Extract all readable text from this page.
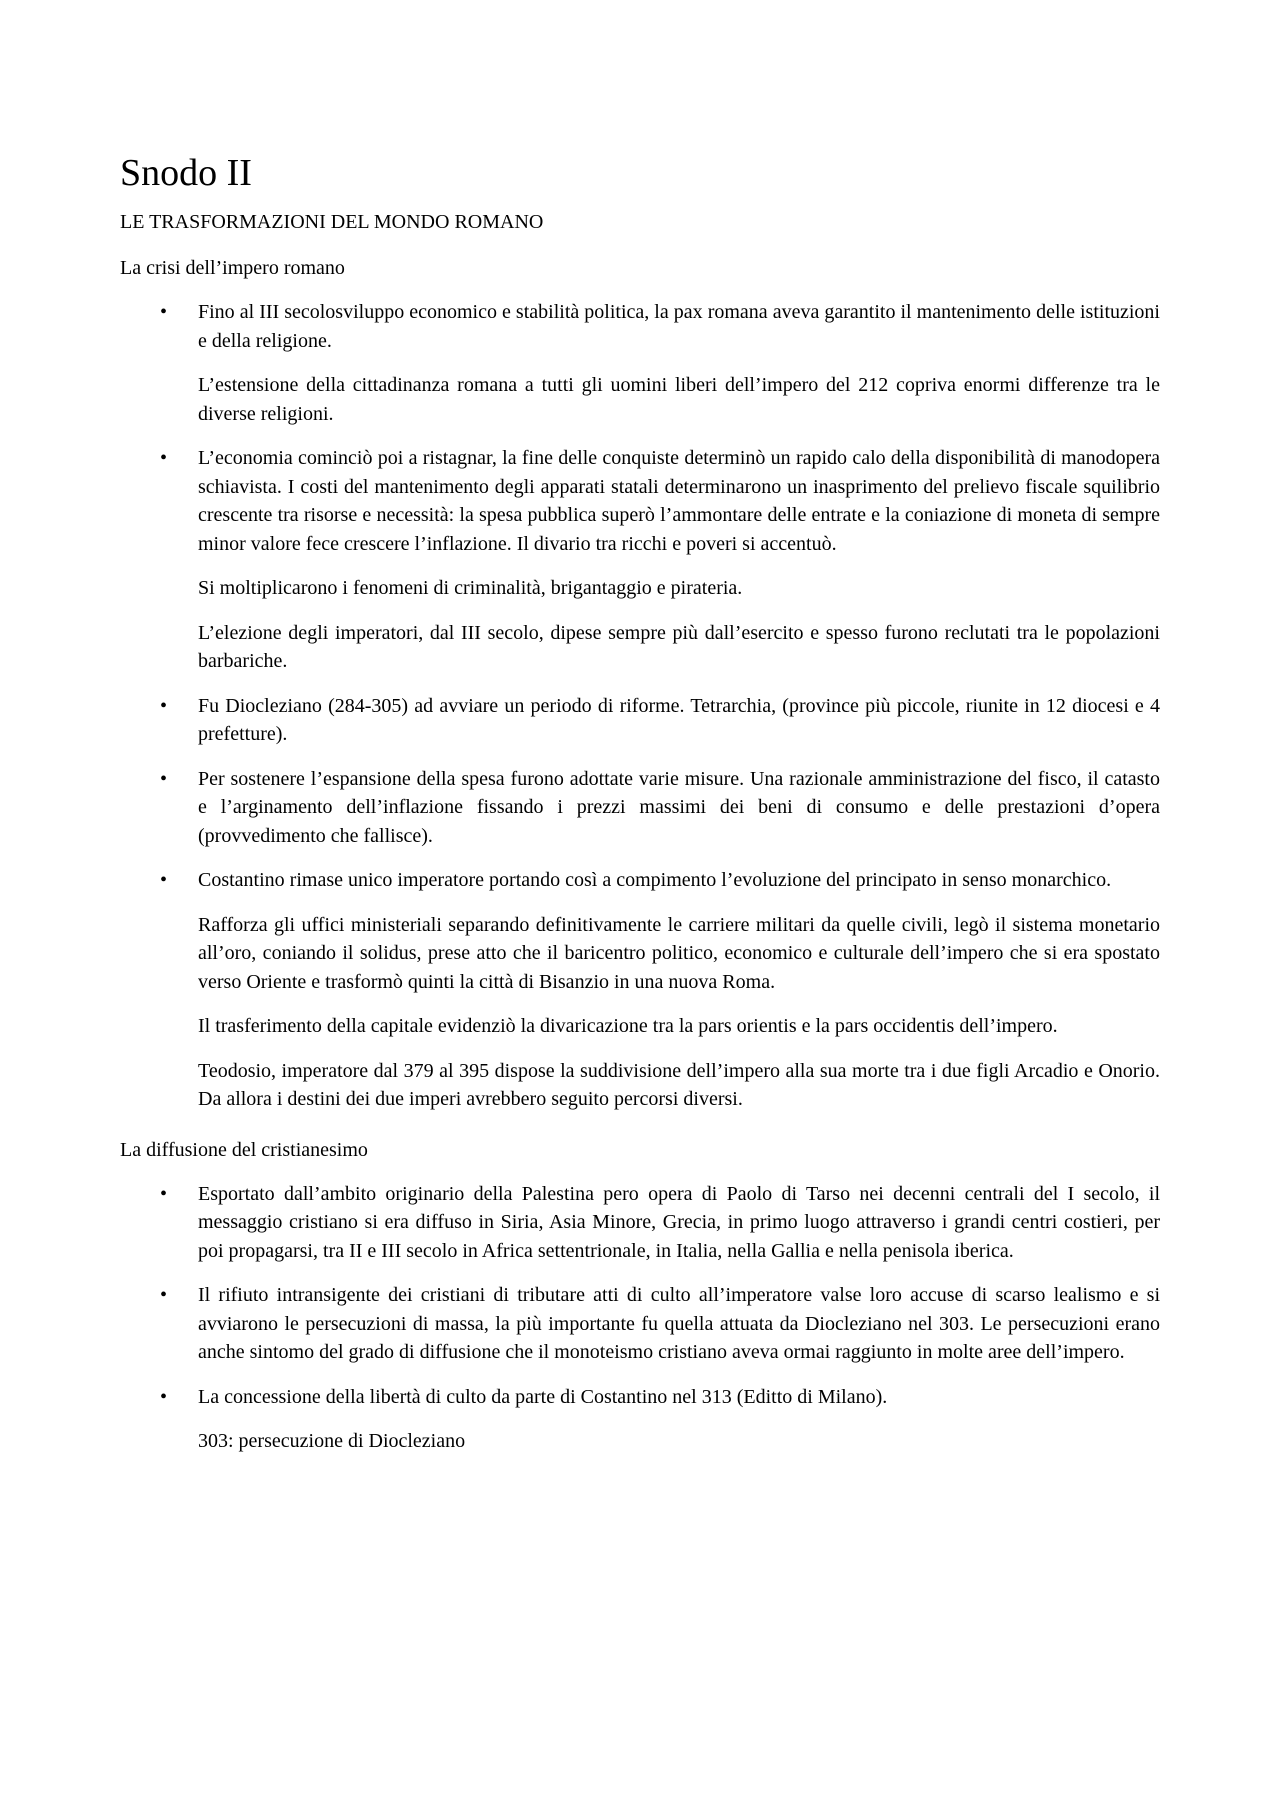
Snodo II
LE TRASFORMAZIONI DEL MONDO ROMANO
La crisi dell’impero romano
• Fino al III secolosviluppo economico e stabilità politica, la pax romana aveva garantito il mantenimento delle istituzioni e della religione.

L’estensione della cittadinanza romana a tutti gli uomini liberi dell’impero del 212 copriva enormi differenze tra le diverse religioni.

• L’economia cominciò poi a ristagnar, la fine delle conquiste determinò un rapido calo della disponibilità di manodopera schiavista. I costi del mantenimento degli apparati statali determinarono un inasprimento del prelievo fiscale squilibrio crescente tra risorse e necessità: la spesa pubblica superò l’ammontare delle entrate e la coniazione di moneta di sempre minor valore fece crescere l’inflazione. Il divario tra ricchi e poveri si accentuò.

Si moltiplicarono i fenomeni di criminalità, brigantaggio e pirateria.

L’elezione degli imperatori, dal III secolo, dipese sempre più dall’esercito e spesso furono reclutati tra le popolazioni barbariche.

• Fu Diocleziano (284-305) ad avviare un periodo di riforme. Tetrarchia, (province più piccole, riunite in 12 diocesi e 4 prefetture).

• Per sostenere l’espansione della spesa furono adottate varie misure. Una razionale amministrazione del fisco, il catasto e l’arginamento dell’inflazione fissando i prezzi massimi dei beni di consumo e delle prestazioni d’opera (provvedimento che fallisce).

• Costantino rimase unico imperatore portando così a compimento l’evoluzione del principato in senso monarchico.

Rafforza gli uffici ministeriali separando definitivamente le carriere militari da quelle civili, legò il sistema monetario all’oro, coniando il solidus, prese atto che il baricentro politico, economico e culturale dell’impero che si era spostato verso Oriente e trasformò quinti la città di Bisanzio in una nuova Roma.

Il trasferimento della capitale evidenziò la divaricazione tra la pars orientis e la pars occidentis dell’impero.

Teodosio, imperatore dal 379 al 395 dispose la suddivisione dell’impero alla sua morte tra i due figli Arcadio e Onorio. Da allora i destini dei due imperi avrebbero seguito percorsi diversi.

La diffusione del cristianesimo
• Esportato dall’ambito originario della Palestina pero opera di Paolo di Tarso nei decenni centrali del I secolo, il messaggio cristiano si era diffuso in Siria, Asia Minore, Grecia, in primo luogo attraverso i grandi centri costieri, per poi propagarsi, tra II e III secolo in Africa settentrionale, in Italia, nella Gallia e nella penisola iberica.

• Il rifiuto intransigente dei cristiani di tributare atti di culto all’imperatore valse loro accuse di scarso lealismo e si avviarono le persecuzioni di massa, la più importante fu quella attuata da Diocleziano nel 303. Le persecuzioni erano anche sintomo del grado di diffusione che il monoteismo cristiano aveva ormai raggiunto in molte aree dell’impero.

• La concessione della libertà di culto da parte di Costantino nel 313 (Editto di Milano).

303: persecuzione di Diocleziano
